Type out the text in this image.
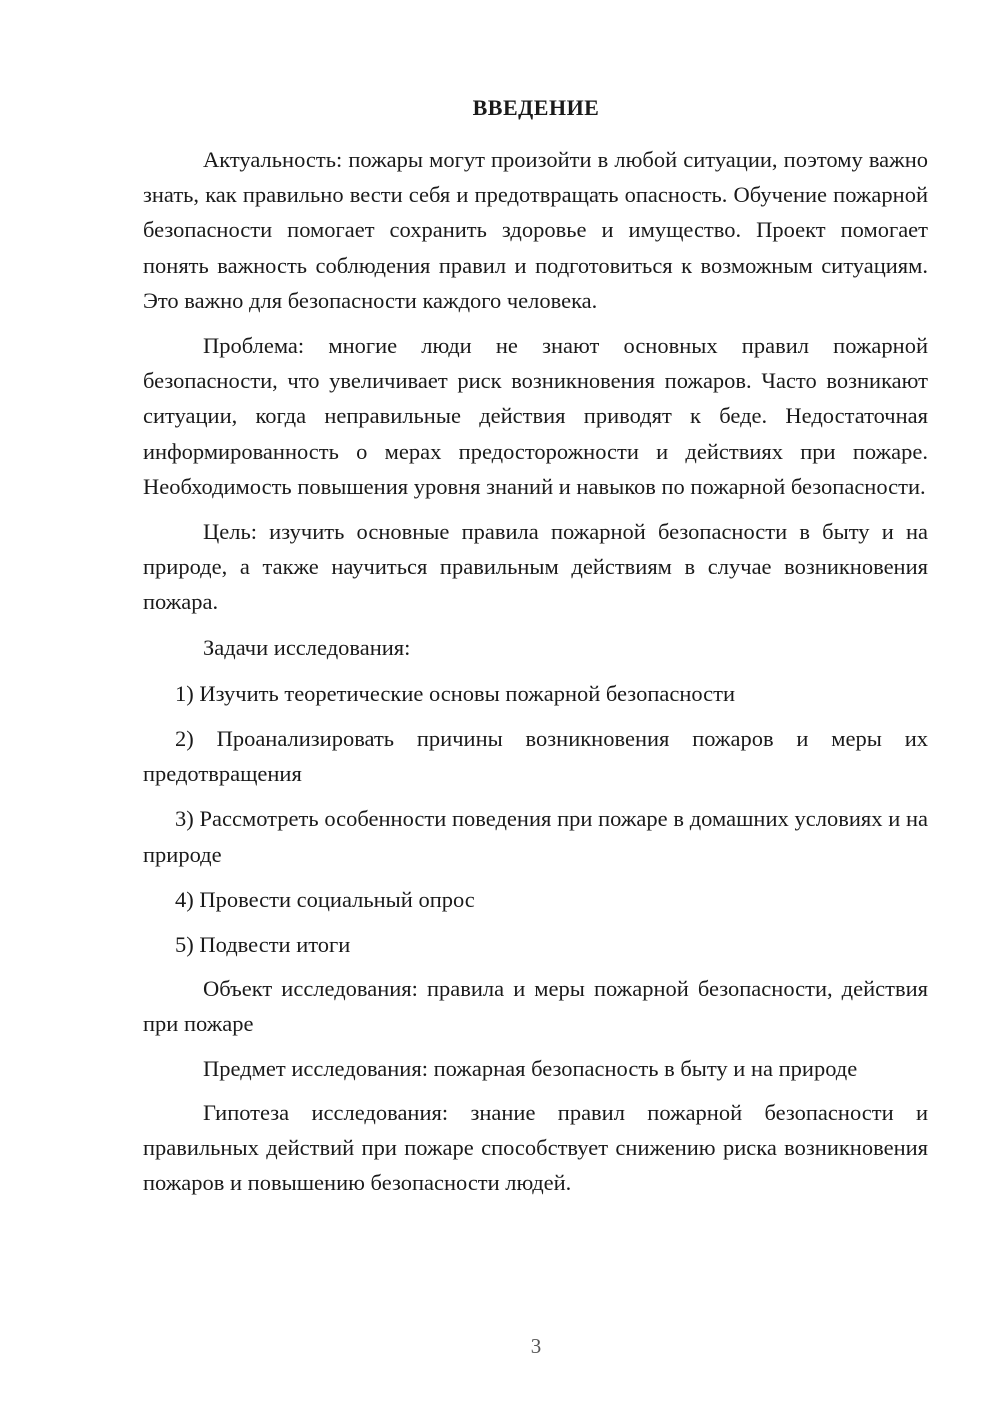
ВВЕДЕНИЕ

Актуальность: пожары могут произойти в любой ситуации, поэтому важно знать, как правильно вести себя и предотвращать опасность. Обучение пожарной безопасности помогает сохранить здоровье и имущество. Проект помогает понять важность соблюдения правил и подготовиться к возможным ситуациям. Это важно для безопасности каждого человека.

Проблема: многие люди не знают основных правил пожарной безопасности, что увеличивает риск возникновения пожаров. Часто возникают ситуации, когда неправильные действия приводят к беде. Недостаточная информированность о мерах предосторожности и действиях при пожаре. Необходимость повышения уровня знаний и навыков по пожарной безопасности.

Цель: изучить основные правила пожарной безопасности в быту и на природе, а также научиться правильным действиям в случае возникновения пожара.

Задачи исследования:

1) Изучить теоретические основы пожарной безопасности

2) Проанализировать причины возникновения пожаров и меры их предотвращения

3) Рассмотреть особенности поведения при пожаре в домашних условиях и на природе

4) Провести социальный опрос

5) Подвести итоги

Объект исследования: правила и меры пожарной безопасности, действия при пожаре

Предмет исследования: пожарная безопасность в быту и на природе

Гипотеза исследования: знание правил пожарной безопасности и правильных действий при пожаре способствует снижению риска возникновения пожаров и повышению безопасности людей.

3
